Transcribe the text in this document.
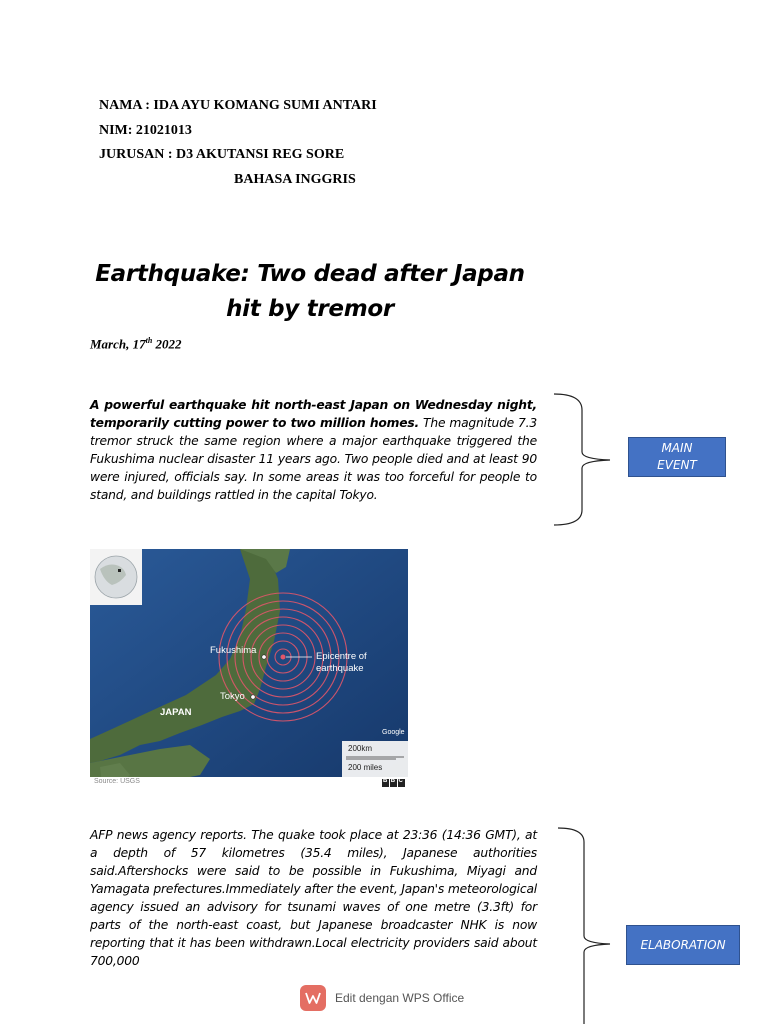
NAMA : IDA AYU KOMANG SUMI ANTARI
NIM: 21021013
JURUSAN : D3 AKUTANSI REG SORE
BAHASA INGGRIS
Earthquake: Two dead after Japan
hit by tremor
March, 17th 2022
A powerful earthquake hit north-east Japan on Wednesday night, temporarily cutting power to two million homes. The magnitude 7.3 tremor struck the same region where a major earthquake triggered the Fukushima nuclear disaster 11 years ago. Two people died and at least 90 were injured, officials say. In some areas it was too forceful for people to stand, and buildings rattled in the capital Tokyo.
MAIN
EVENT
Fukushima
Epicentre of
earthquake
Tokyo
JAPAN
Google
200km
200 miles
Source: USGS	BBC
AFP news agency reports. The quake took place at 23:36 (14:36 GMT), at a depth of 57 kilometres (35.4 miles), Japanese authorities said.Aftershocks were said to be possible in Fukushima, Miyagi and Yamagata prefectures.Immediately after the event, Japan's meteorological agency issued an advisory for tsunami waves of one metre (3.3ft) for parts of the north-east coast, but Japanese broadcaster NHK is now reporting that it has been withdrawn.Local electricity providers said about 700,000
ELABORATION
Edit dengan WPS Office
